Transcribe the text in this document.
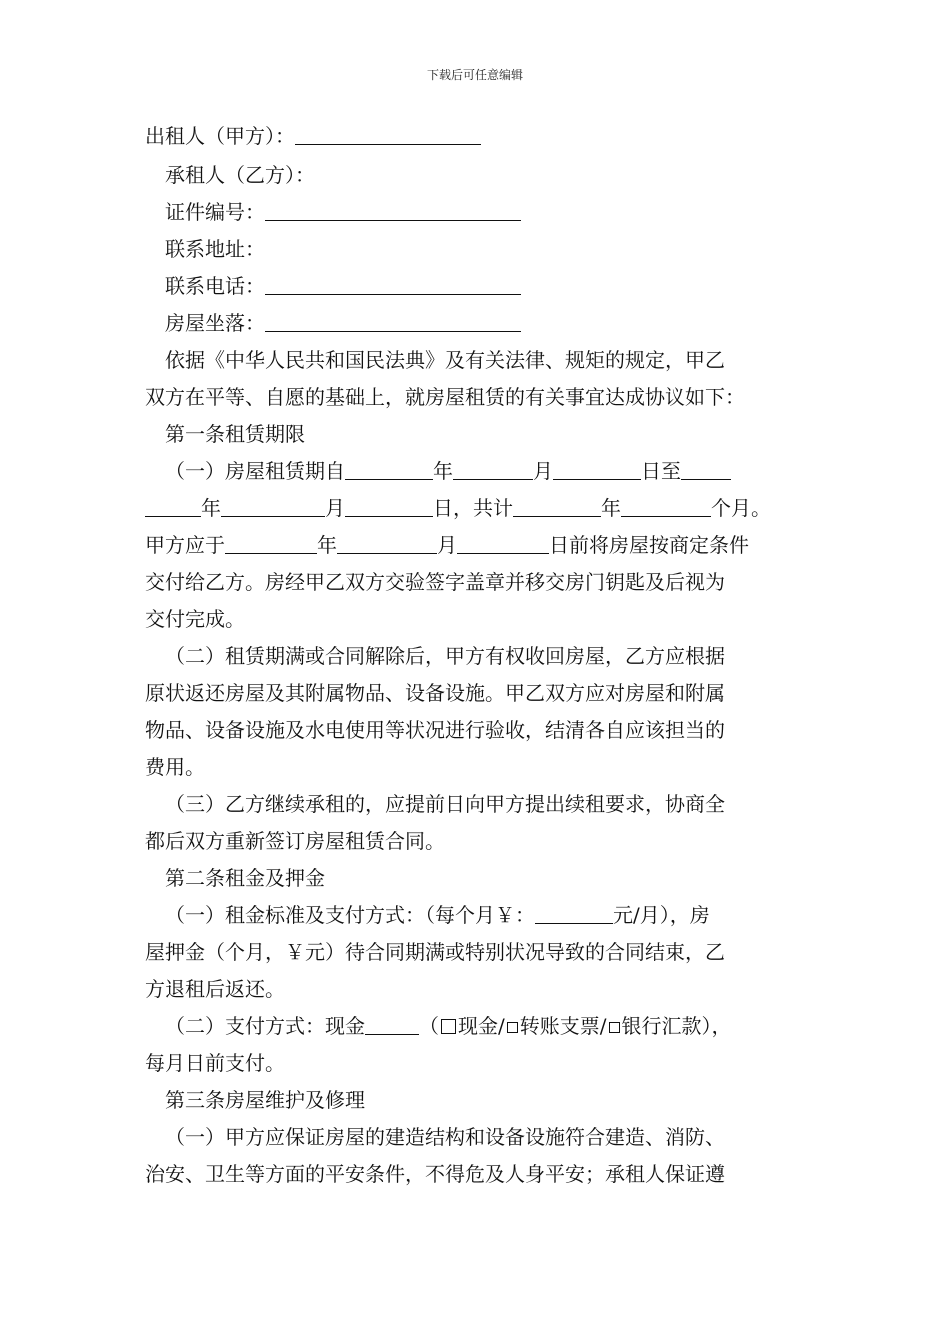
下载后可任意编辑
出租人（甲方）：
承租人（乙方）：
证件编号：
联系地址：
联系电话：
房屋坐落：
依据《中华人民共和国民法典》及有关法律、规矩的规定，甲乙
双方在平等、自愿的基础上，就房屋租赁的有关事宜达成协议如下：
第一条租赁期限
（一）房屋租赁期自	年	月	日至
年	月	日，共计	年	个月。
甲方应于	年	月	日前将房屋按商定条件
交付给乙方。房经甲乙双方交验签字盖章并移交房门钥匙及后视为
交付完成。
（二）租赁期满或合同解除后，甲方有权收回房屋，乙方应根据
原状返还房屋及其附属物品、设备设施。甲乙双方应对房屋和附属
物品、设备设施及水电使用等状况进行验收，结清各自应该担当的
费用。
（三）乙方继续承租的，应提前日向甲方提出续租要求，协商全
都后双方重新签订房屋租赁合同。
第二条租金及押金
（一）租金标准及支付方式：（每个月￥：	元/月），房
屋押金（个月，￥元）待合同期满或特别状况导致的合同结束，乙
方退租后返还。
（二）支付方式：现金	（ 现金/ 转账支票/ 银行汇款），
每月日前支付。
第三条房屋维护及修理
（一）甲方应保证房屋的建造结构和设备设施符合建造、消防、
治安、卫生等方面的平安条件，不得危及人身平安；承租人保证遵
